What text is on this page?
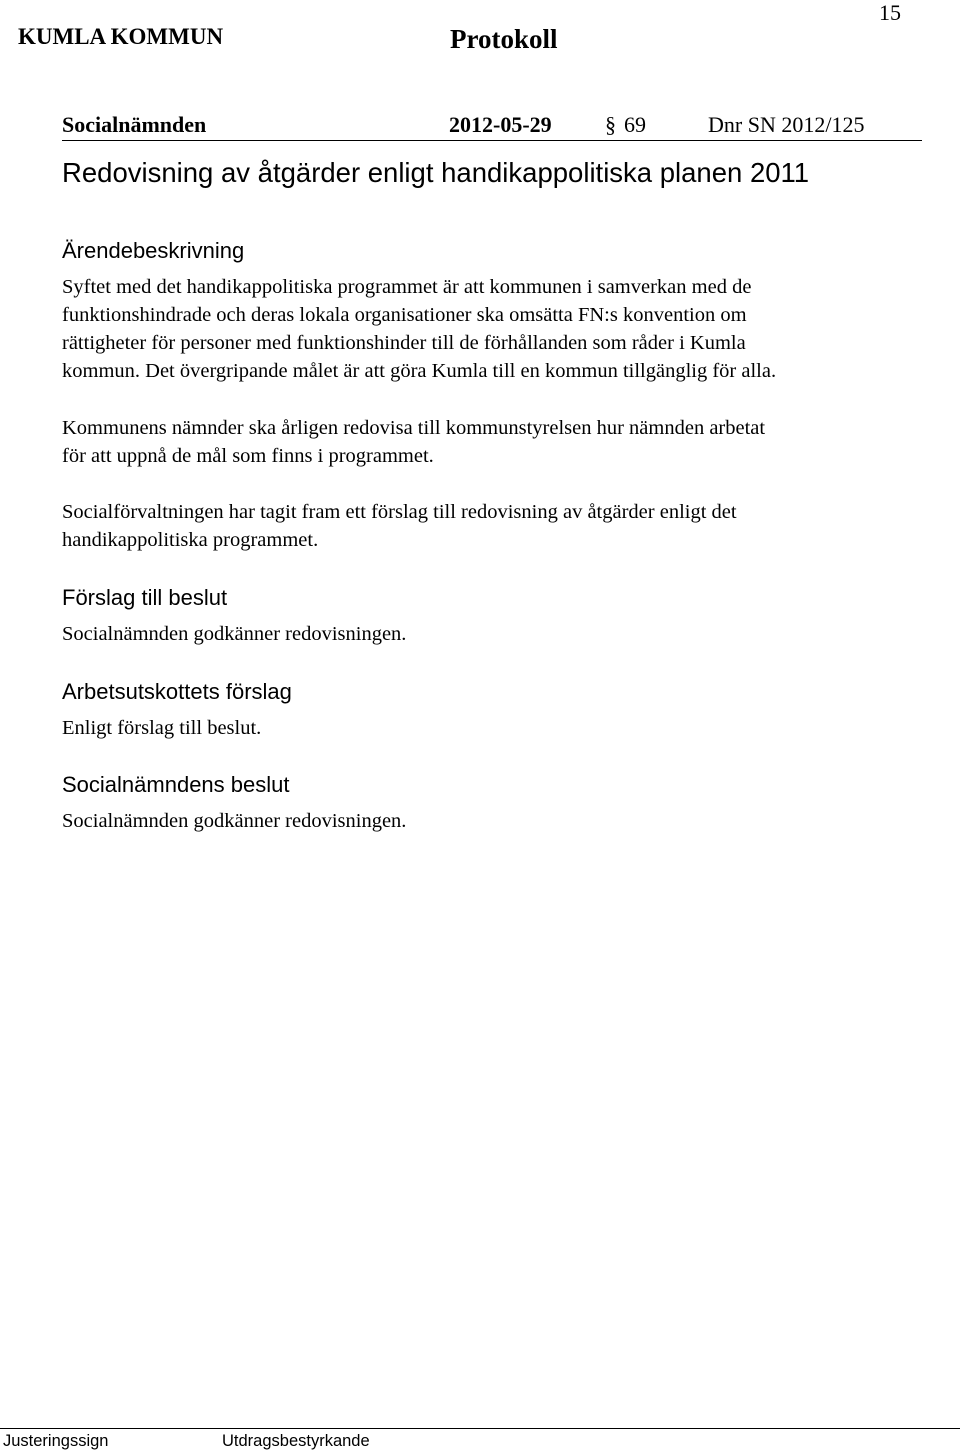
KUMLA KOMMUN	Protokoll
15
Socialnämnden	2012-05-29 § 69	Dnr SN 2012/125
Redovisning av åtgärder enligt handikappolitiska planen 2011
Ärendebeskrivning

Syftet med det handikappolitiska programmet är att kommunen i samverkan med de
funktionshindrade och deras lokala organisationer ska omsätta FN:s konvention om
rättigheter för personer med funktionshinder till de förhållanden som råder i Kumla
kommun. Det övergripande målet är att göra Kumla till en kommun tillgänglig för alla.

Kommunens nämnder ska årligen redovisa till kommunstyrelsen hur nämnden arbetat
för att uppnå de mål som finns i programmet.

Socialförvaltningen har tagit fram ett förslag till redovisning av åtgärder enligt det
handikappolitiska programmet.

Förslag till beslut

Socialnämnden godkänner redovisningen.

Arbetsutskottets förslag

Enligt förslag till beslut.

Socialnämndens beslut

Socialnämnden godkänner redovisningen.

Justeringssign	Utdragsbestyrkande
